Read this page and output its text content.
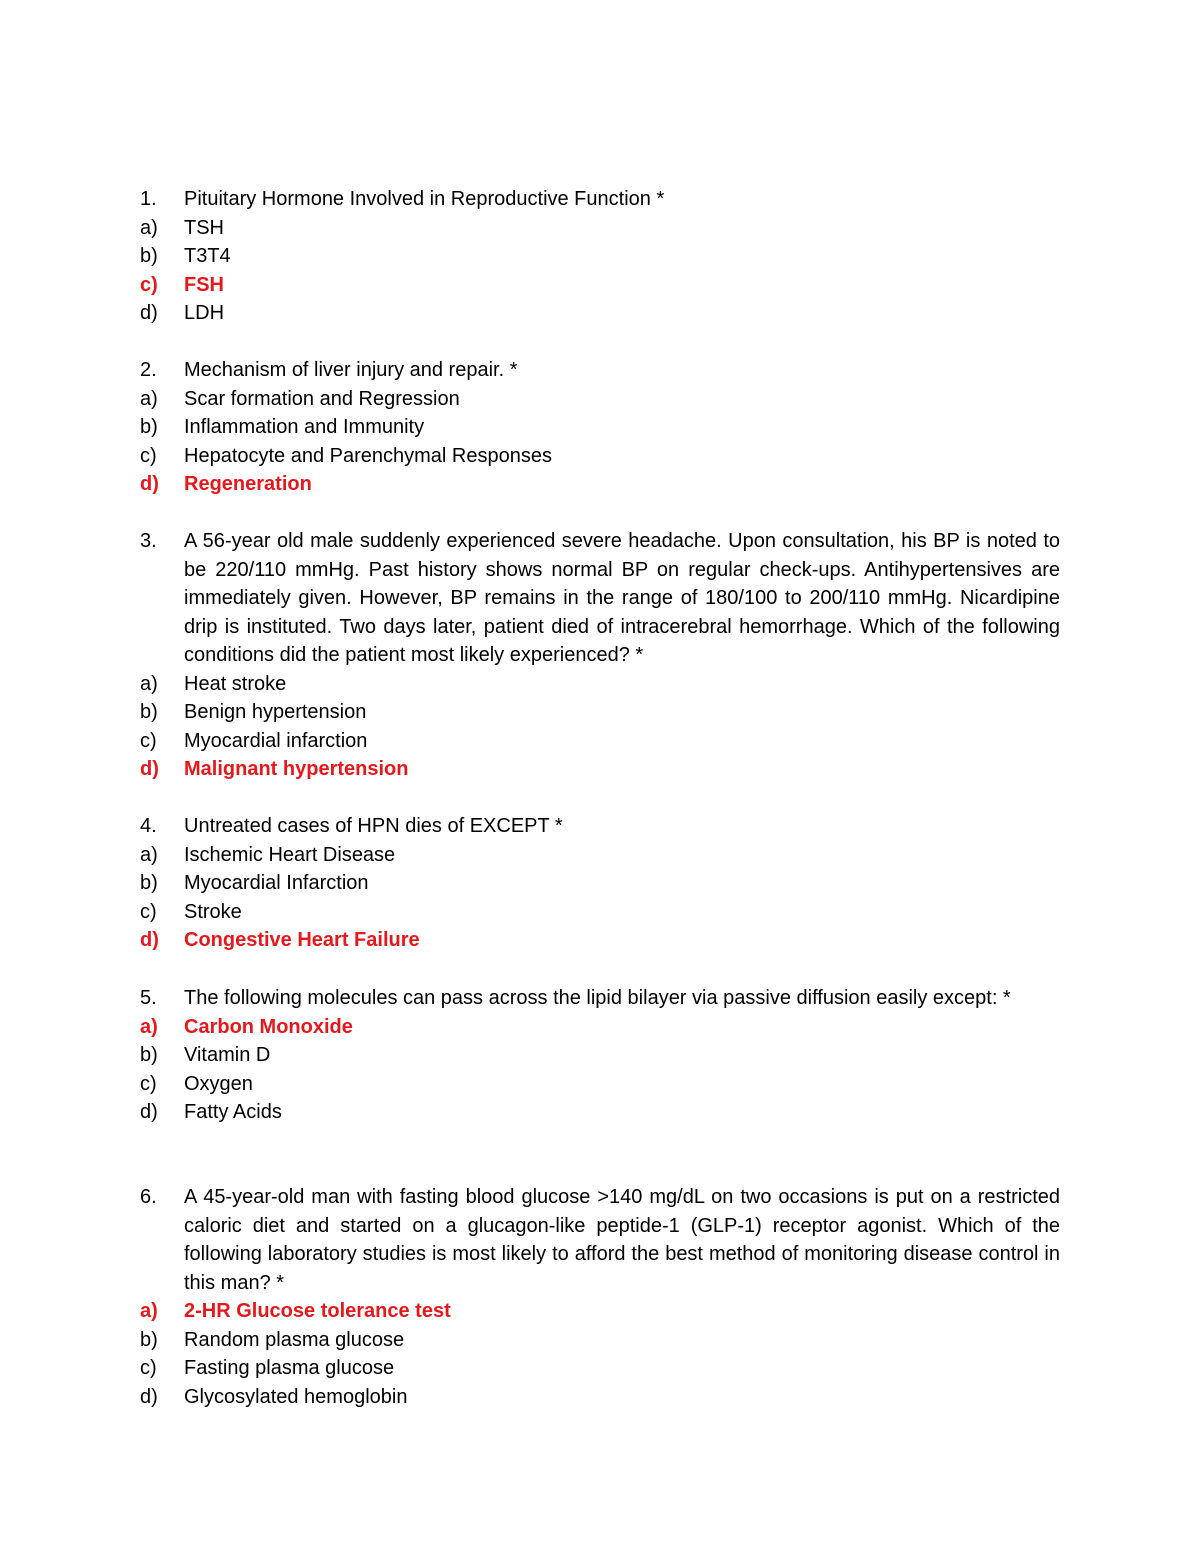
1.	Pituitary Hormone Involved in Reproductive Function *
a)	TSH
b)	T3T4
c)	FSH
d)	LDH
2.	Mechanism of liver injury and repair. *
a)	Scar formation and Regression
b)	Inflammation and Immunity
c)	Hepatocyte and Parenchymal Responses
d)	Regeneration
3.	A 56-year old male suddenly experienced severe headache. Upon consultation, his BP is noted to be 220/110 mmHg. Past history shows normal BP on regular check-ups. Antihypertensives are immediately given. However, BP remains in the range of 180/100 to 200/110 mmHg. Nicardipine drip is instituted. Two days later, patient died of intracerebral hemorrhage. Which of the following conditions did the patient most likely experienced? *
a)	Heat stroke
b)	Benign hypertension
c)	Myocardial infarction
d)	Malignant hypertension
4.	Untreated cases of HPN dies of EXCEPT *
a)	Ischemic Heart Disease
b)	Myocardial Infarction
c)	Stroke
d)	Congestive Heart Failure
5.	The following molecules can pass across the lipid bilayer via passive diffusion easily except: *
a)	Carbon Monoxide
b)	Vitamin D
c)	Oxygen
d)	Fatty Acids
6.	A 45-year-old man with fasting blood glucose >140 mg/dL on two occasions is put on a restricted caloric diet and started on a glucagon-like peptide-1 (GLP-1) receptor agonist. Which of the following laboratory studies is most likely to afford the best method of monitoring disease control in this man? *
a)	2-HR Glucose tolerance test
b)	Random plasma glucose
c)	Fasting plasma glucose
d)	Glycosylated hemoglobin
